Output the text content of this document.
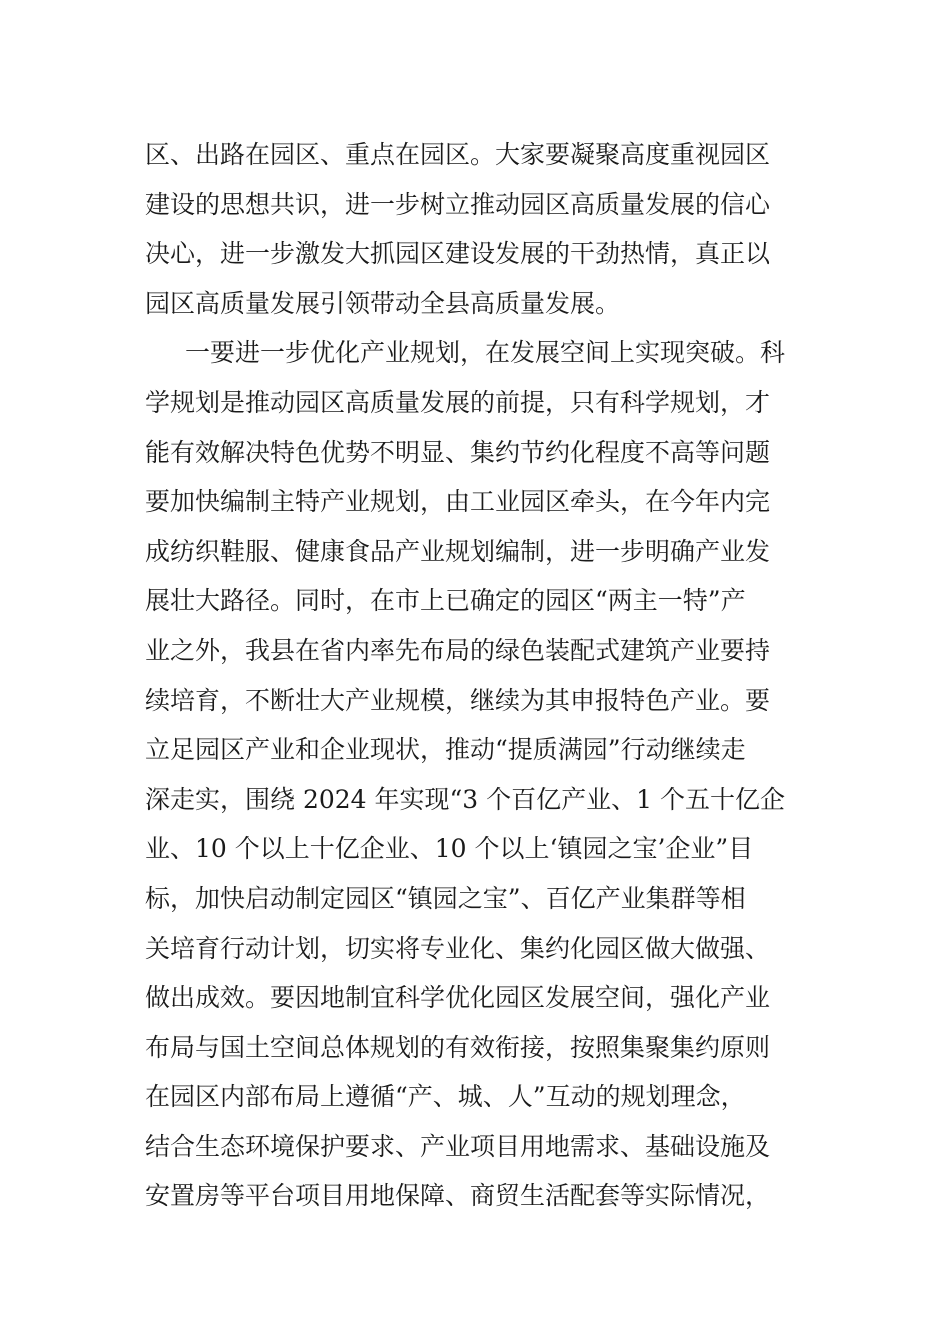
区、出路在园区、重点在园区。大家要凝聚高度重视园区
建设的思想共识，进一步树立推动园区高质量发展的信心
决心，进一步激发大抓园区建设发展的干劲热情，真正以
园区高质量发展引领带动全县高质量发展。
一要进一步优化产业规划，在发展空间上实现突破。科
学规划是推动园区高质量发展的前提，只有科学规划，才
能有效解决特色优势不明显、集约节约化程度不高等问题
要加快编制主特产业规划，由工业园区牵头，在今年内完
成纺织鞋服、健康食品产业规划编制，进一步明确产业发
展壮大路径。同时，在市上已确定的园区“两主一特”产
业之外，我县在省内率先布局的绿色装配式建筑产业要持
续培育，不断壮大产业规模，继续为其申报特色产业。要
立足园区产业和企业现状，推动“提质满园”行动继续走
深走实，围绕 2024 年实现“3 个百亿产业、1 个五十亿企
业、10 个以上十亿企业、10 个以上‘镇园之宝’企业”目
标，加快启动制定园区“镇园之宝”、百亿产业集群等相
关培育行动计划，切实将专业化、集约化园区做大做强、
做出成效。要因地制宜科学优化园区发展空间，强化产业
布局与国土空间总体规划的有效衔接，按照集聚集约原则
在园区内部布局上遵循“产、城、人”互动的规划理念，
结合生态环境保护要求、产业项目用地需求、基础设施及
安置房等平台项目用地保障、商贸生活配套等实际情况，
